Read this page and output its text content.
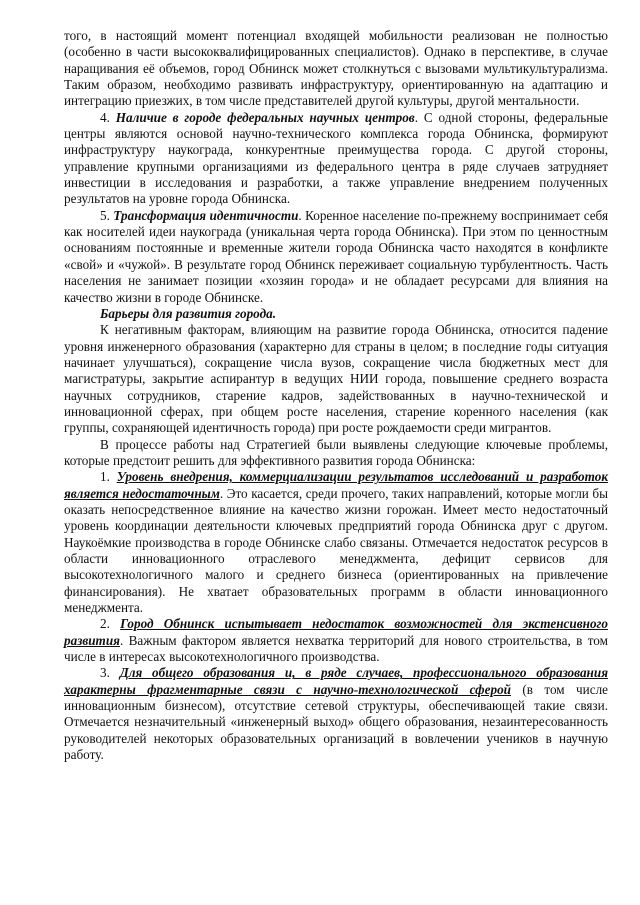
того, в настоящий момент потенциал входящей мобильности реализован не полностью (особенно в части высококвалифицированных специалистов). Однако в перспективе, в случае наращивания её объемов, город Обнинск может столкнуться с вызовами мультикультурализма. Таким образом, необходимо развивать инфраструктуру, ориентированную на адаптацию и интеграцию приезжих, в том числе представителей другой культуры, другой ментальности.

4. Наличие в городе федеральных научных центров. С одной стороны, федеральные центры являются основой научно-технического комплекса города Обнинска, формируют инфраструктуру наукограда, конкурентные преимущества города. С другой стороны, управление крупными организациями из федерального центра в ряде случаев затрудняет инвестиции в исследования и разработки, а также управление внедрением полученных результатов на уровне города Обнинска.

5. Трансформация идентичности. Коренное население по-прежнему воспринимает себя как носителей идеи наукограда (уникальная черта города Обнинска). При этом по ценностным основаниям постоянные и временные жители города Обнинска часто находятся в конфликте «свой» и «чужой». В результате город Обнинск переживает социальную турбулентность. Часть населения не занимает позиции «хозяин города» и не обладает ресурсами для влияния на качество жизни в городе Обнинске.

Барьеры для развития города.

К негативным факторам, влияющим на развитие города Обнинска, относится падение уровня инженерного образования (характерно для страны в целом; в последние годы ситуация начинает улучшаться), сокращение числа вузов, сокращение числа бюджетных мест для магистратуры, закрытие аспирантур в ведущих НИИ города, повышение среднего возраста научных сотрудников, старение кадров, задействованных в научно-технической и инновационной сферах, при общем росте населения, старение коренного населения (как группы, сохраняющей идентичность города) при росте рождаемости среди мигрантов.

В процессе работы над Стратегией были выявлены следующие ключевые проблемы, которые предстоит решить для эффективного развития города Обнинска:

1. Уровень внедрения, коммерциализации результатов исследований и разработок является недостаточным. Это касается, среди прочего, таких направлений, которые могли бы оказать непосредственное влияние на качество жизни горожан. Имеет место недостаточный уровень координации деятельности ключевых предприятий города Обнинска друг с другом. Наукоёмкие производства в городе Обнинске слабо связаны. Отмечается недостаток ресурсов в области инновационного отраслевого менеджмента, дефицит сервисов для высокотехнологичного малого и среднего бизнеса (ориентированных на привлечение финансирования). Не хватает образовательных программ в области инновационного менеджмента.

2. Город Обнинск испытывает недостаток возможностей для экстенсивного развития. Важным фактором является нехватка территорий для нового строительства, в том числе в интересах высокотехнологичного производства.

3. Для общего образования и, в ряде случаев, профессионального образования характерны фрагментарные связи с научно-технологической сферой (в том числе инновационным бизнесом), отсутствие сетевой структуры, обеспечивающей такие связи. Отмечается незначительный «инженерный выход» общего образования, незаинтересованность руководителей некоторых образовательных организаций в вовлечении учеников в научную работу.
